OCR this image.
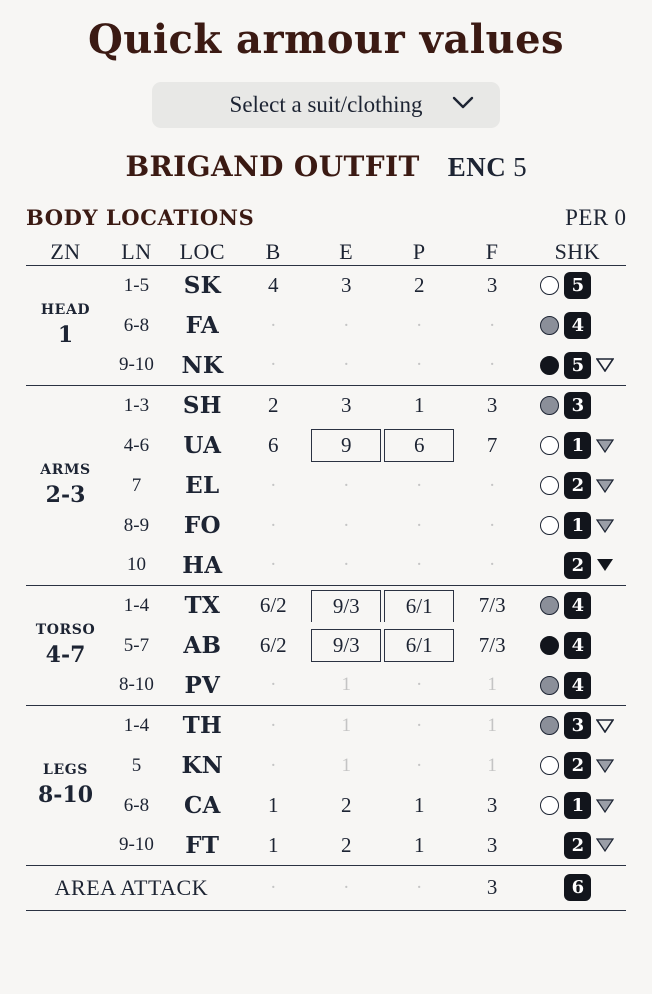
Quick armour values
Select a suit/clothing
BRIGAND OUTFIT ENC 5
BODY LOCATIONS	PER 0
ZN	LN	LOC	B	E	P	F	SHK

HEAD
1	1-5	SK	4	3	2	3	5

	6-8	FA	·	·	·	·	4

	9-10	NK	·	·	·	·	5

ARMS
2-3	1-3	SH	2	3	1	3	3

	4-6	UA	6	9	6	7	1

	7	EL	·	·	·	·	2

	8-9	FO	·	·	·	·	1

	10	HA	·	·	·	·	2

TORSO
4-7	1-4	TX	6/2	9/3	6/1	7/3	4

	5-7	AB	6/2	9/3	6/1	7/3	4

	8-10	PV	·	1	·	1	4

LEGS
8-10	1-4	TH	·	1	·	1	3

	5	KN	·	1	·	1	2

	6-8	CA	1	2	1	3	1

	9-10	FT	1	2	1	3	2

AREA ATTACK			·	·	·	3	6
